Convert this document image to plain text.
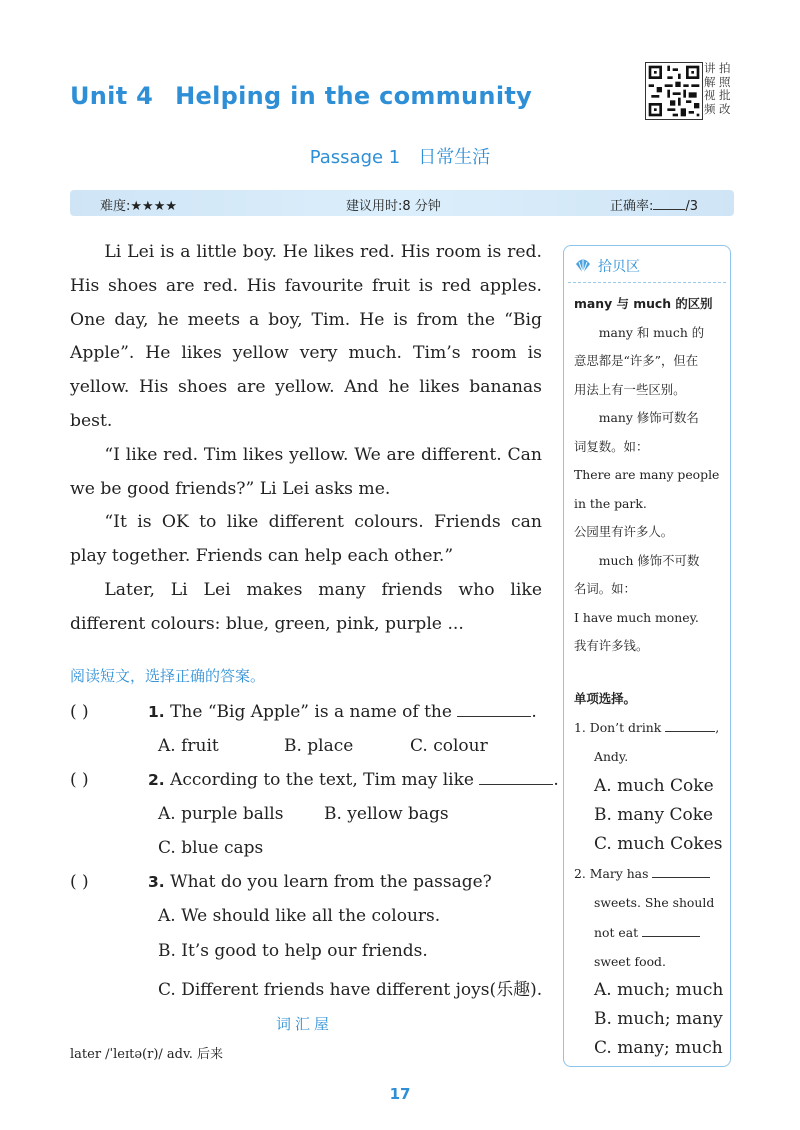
Unit 4 Helping in the community
讲 拍
解 照
视 批
频 改
Passage 1 日常生活
难度:★★★★	建议用时:8 分钟	正确率: /3

Li Lei is a little boy. He likes red. His room is red. His shoes are red. His favourite fruit is red apples. One day, he meets a boy, Tim. He is from the “Big Apple”. He likes yellow very much. Tim’s room is yellow. His shoes are yellow. And he likes bananas best.

“I like red. Tim likes yellow. We are different. Can we be good friends?” Li Lei asks me.

“It is OK to like different colours. Friends can play together. Friends can help each other.”

Later, Li Lei makes many friends who like different colours: blue, green, pink, purple ...

阅读短文，选择正确的答案。
( )	1. The “Big Apple” is a name of the	.
A. fruit	B. place	C. colour
( )	2. According to the text, Tim may like	.
A. purple balls B. yellow bags
C. blue caps
( )	3. What do you learn from the passage?
A. We should like all the colours.
B. It’s good to help our friends.
C. Different friends have different joys(乐趣).
词汇屋
later /ˈleɪtə(r)/ adv. 后来
拾贝区
many 与 much 的区别

many 和 much 的
意思都是“许多”，但在
用法上有一些区别。

many 修饰可数名
词复数。如：
There are many people
in the park.
公园里有许多人。

much 修饰不可数
名词。如：
I have much money.
我有许多钱。
单项选择。
1. Don’t drink	,

Andy.
A. much Coke
B. many Coke
C. much Cokes
2. Mary has

sweets. She should
not eat
sweet food.
A. much; much
B. much; many
C. many; much
17
